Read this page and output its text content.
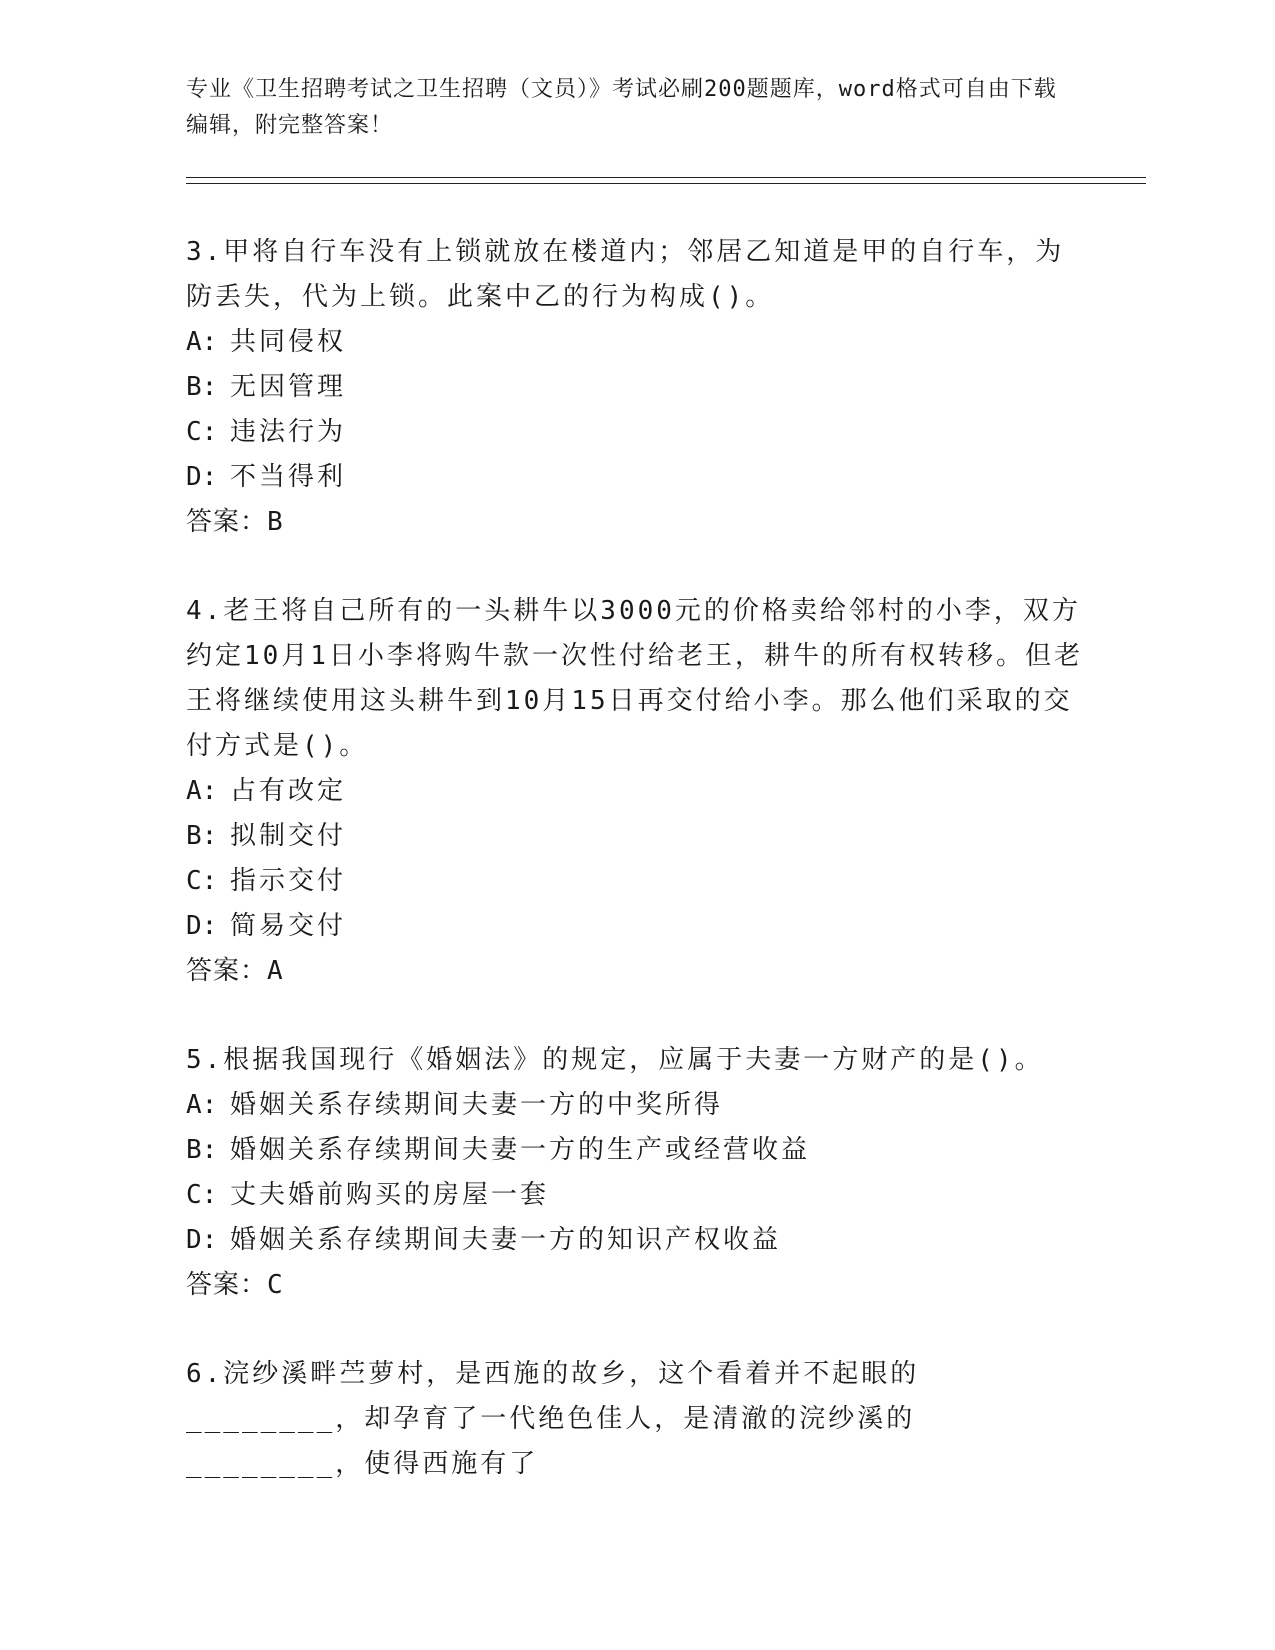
专业《卫生招聘考试之卫生招聘（文员）》考试必刷200题题库，word格式可自由下载编辑，附完整答案！
3.甲将自行车没有上锁就放在楼道内；邻居乙知道是甲的自行车，为防丢失，代为上锁。此案中乙的行为构成()。
A: 共同侵权
B: 无因管理
C: 违法行为
D: 不当得利
答案：B
4.老王将自己所有的一头耕牛以3000元的价格卖给邻村的小李，双方约定10月1日小李将购牛款一次性付给老王，耕牛的所有权转移。但老王将继续使用这头耕牛到10月15日再交付给小李。那么他们采取的交付方式是()。
A: 占有改定
B: 拟制交付
C: 指示交付
D: 简易交付
答案：A
5.根据我国现行《婚姻法》的规定，应属于夫妻一方财产的是()。
A: 婚姻关系存续期间夫妻一方的中奖所得
B: 婚姻关系存续期间夫妻一方的生产或经营收益
C: 丈夫婚前购买的房屋一套
D: 婚姻关系存续期间夫妻一方的知识产权收益
答案：C
6.浣纱溪畔苎萝村，是西施的故乡，这个看着并不起眼的________，却孕育了一代绝色佳人，是清澈的浣纱溪的________，使得西施有了
